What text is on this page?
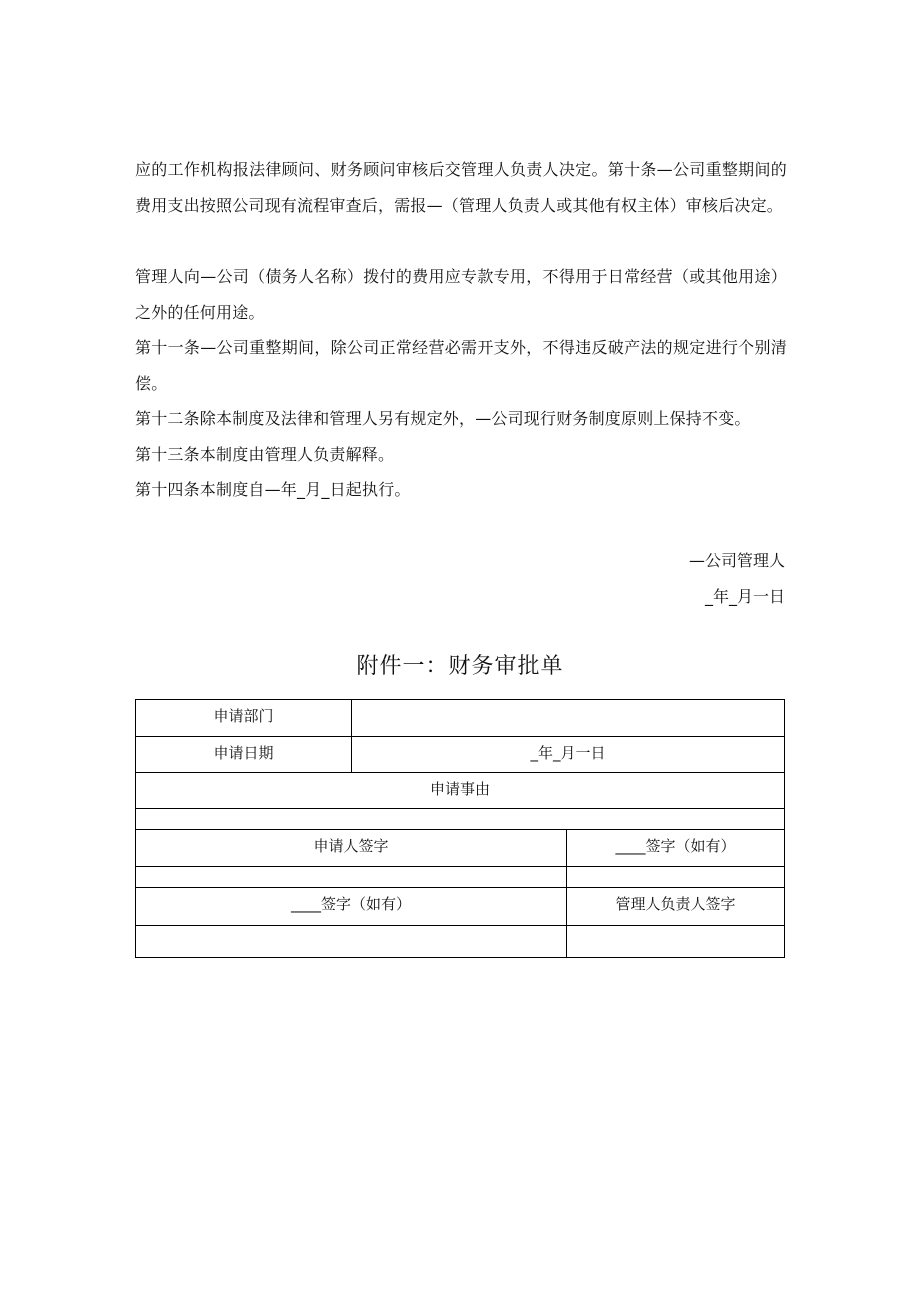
应的工作机构报法律顾问、财务顾问审核后交管理人负责人决定。第十条—公司重整期间的费用支出按照公司现有流程审查后，需报—（管理人负责人或其他有权主体）审核后决定。

管理人向—公司（债务人名称）拨付的费用应专款专用，不得用于日常经营（或其他用途）之外的任何用途。

第十一条—公司重整期间，除公司正常经营必需开支外，不得违反破产法的规定进行个别清偿。

第十二条除本制度及法律和管理人另有规定外，—公司现行财务制度原则上保持不变。

第十三条本制度由管理人负责解释。

第十四条本制度自—年_月_日起执行。

—公司管理人
_年_月一日
附件一：财务审批单
申请部门
申请日期	_年_月一日
申请事由
申请人签字	____签字（如有）
____签字（如有）	管理人负责人签字
